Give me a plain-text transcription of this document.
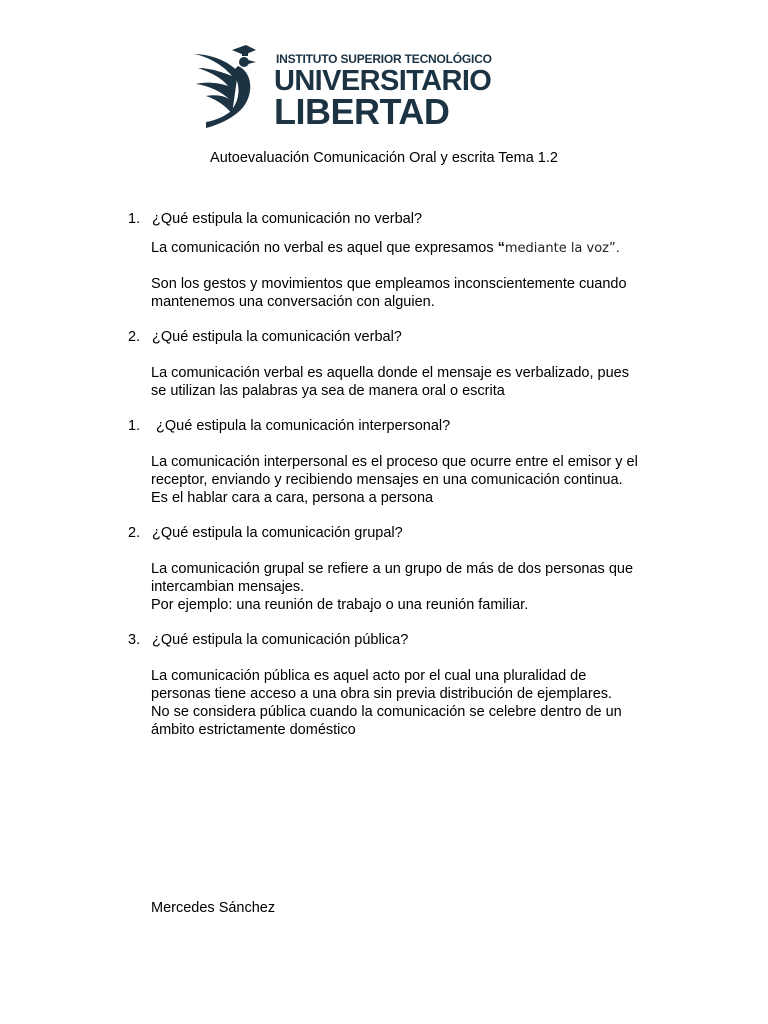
INSTITUTO SUPERIOR TECNOLÓGICO
UNIVERSITARIO
LIBERTAD
Autoevaluación Comunicación Oral y escrita Tema 1.2
1. ¿Qué estipula la comunicación no verbal?
La comunicación no verbal es aquel que expresamos “mediante la voz”.
Son los gestos y movimientos que empleamos inconscientemente cuando
mantenemos una conversación con alguien.
2. ¿Qué estipula la comunicación verbal?
La comunicación verbal es aquella donde el mensaje es verbalizado, pues
se utilizan las palabras ya sea de manera oral o escrita
1. ¿Qué estipula la comunicación interpersonal?
La comunicación interpersonal es el proceso que ocurre entre el emisor y el
receptor, enviando y recibiendo mensajes en una comunicación continua.
Es el hablar cara a cara, persona a persona
2. ¿Qué estipula la comunicación grupal?
La comunicación grupal se refiere a un grupo de más de dos personas que
intercambian mensajes.
Por ejemplo: una reunión de trabajo o una reunión familiar.
3. ¿Qué estipula la comunicación pública?
La comunicación pública es aquel acto por el cual una pluralidad de
personas tiene acceso a una obra sin previa distribución de ejemplares.
No se considera pública cuando la comunicación se celebre dentro de un
ámbito estrictamente doméstico
Mercedes Sánchez
